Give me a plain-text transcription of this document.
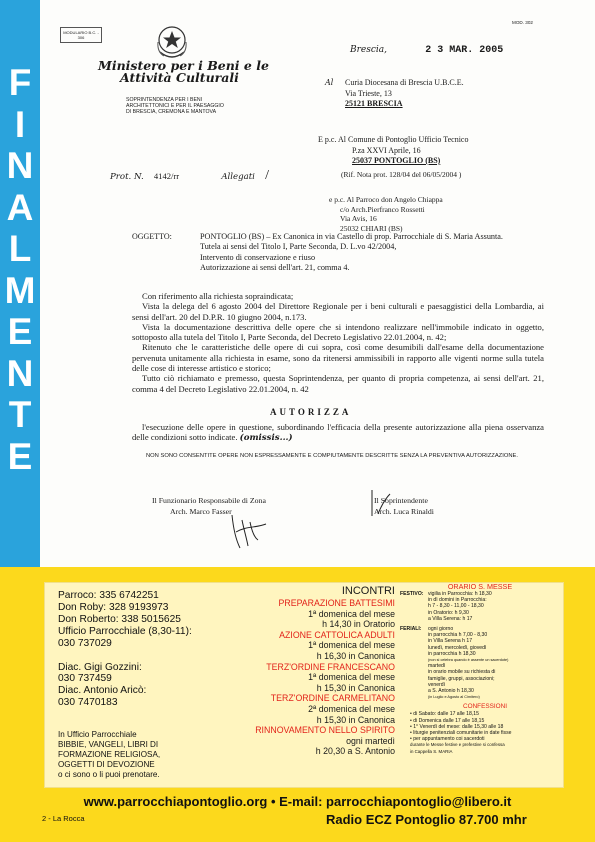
F
I
N
A
L
M
E
N
T
E
MODULARIO B.C. - 306
Ministero per i Beni e le
Attività Culturali
SOPRINTENDENZA PER I BENI
ARCHITETTONICI E PER IL PAESAGGIO
DI BRESCIA, CREMONA E MANTOVA
MOD. 302
Brescia,	2 3 MAR. 2005
Al Curia Diocesana di Brescia U.B.C.E.
Via Trieste, 13
25121 BRESCIA
E p.c. Al Comune di Pontoglio Ufficio Tecnico
P.za XXVI Aprile, 16
25037 PONTOGLIO (BS)
Prot. N. 4142/rr	Allegati /	(Rif. Nota prot. 128/04 del 06/05/2004 )
e p.c. Al Parroco don Angelo Chiappa
c/o Arch.Pierfranco Rossetti
Via Avis, 16
25032 CHIARI (BS)
OGGETTO:	PONTOGLIO (BS) – Ex Canonica in via Castello di prop. Parrocchiale di S. Maria Assunta.
Tutela ai sensi del Titolo I, Parte Seconda, D. L.vo 42/2004,
Intervento di conservazione e riuso
Autorizzazione ai sensi dell'art. 21, comma 4.

Con riferimento alla richiesta sopraindicata;

Vista la delega del 6 agosto 2004 del Direttore Regionale per i beni culturali e paesaggistici della Lombardia, ai sensi dell'art. 20 del D.P.R. 10 giugno 2004, n.173.

Vista la documentazione descrittiva delle opere che si intendono realizzare nell'immobile indicato in oggetto, sottoposto alla tutela del Titolo I, Parte Seconda, del Decreto Legislativo 22.01.2004, n. 42;

Ritenuto che le caratteristiche delle opere di cui sopra, così come desumibili dall'esame della documentazione pervenuta unitamente alla richiesta in esame, sono da ritenersi ammissibili in rapporto alle vigenti norme sulla tutela delle cose di interesse artistico e storico;

Tutto ciò richiamato e premesso, questa Soprintendenza, per quanto di propria competenza, ai sensi dell'art. 21, comma 4 del Decreto Legislativo 22.01.2004, n. 42

AUTORIZZA
l'esecuzione delle opere in questione, subordinando l'efficacia della presente autorizzazione alla piena osservanza delle condizioni sotto indicate. (omissis...)
NON SONO CONSENTITE OPERE NON ESPRESSAMENTE E COMPIUTAMENTE DESCRITTE SENZA LA PREVENTIVA AUTORIZZAZIONE.
Il Funzionario Responsabile di Zona
Arch. Marco Fasser
Il Soprintendente
Arch. Luca Rinaldi
Parroco: 335 6742251
Don Roby: 328 9193973
Don Roberto: 338 5015625
Ufficio Parrocchiale (8,30-11):
030 737029
Diac. Gigi Gozzini:
030 737459
Diac. Antonio Aricò:
030 7470183
In Ufficio Parrocchiale
BIBBIE, VANGELI, LIBRI DI
FORMAZIONE RELIGIOSA,
OGGETTI DI DEVOZIONE
o ci sono o li puoi prenotare.
INCONTRI
PREPARAZIONE BATTESIMI
1ª domenica del mese
h 14,30 in Oratorio
AZIONE CATTOLICA ADULTI
1ª domenica del mese
h 16,30 in Canonica
TERZ'ORDINE FRANCESCANO
1ª domenica del mese
h 15,30 in Canonica
TERZ'ORDINE CARMELITANO
2ª domenica del mese
h 15,30 in Canonica
RINNOVAMENTO NELLO SPIRITO
ogni martedì
h 20,30 a S. Antonio
ORARIO S. MESSE
FESTIVO: vigilia in Parrocchia: h 18,30
in dì domini in Parrocchia:
h 7 - 8,30 - 11,00 - 18,30
in Oratorio: h 9,30
a Villa Serena: h 17
FERIALI:	ogni giorno
in parrocchia h 7,00 - 8,30
in Villa Serena h 17
lunedì, mercoledì, giovedì
in parrocchia h 18,30
(non si celebra quando è assente un sacerdote)
martedì
in orario mobile su richiesta di
famiglie, gruppi, associazioni;
venerdì
a S. Antonio h 18,30
(in Luglio e Agosto al Cimitero)
CONFESSIONI
• di Sabato: dalle 17 alle 18,15
• di Domenica dalle 17 alle 18,15
• 1° Venerdì del mese: dalle 15,30 alle 18
• liturgie penitenziali comunitarie in date fisse
• per appuntamento coi sacerdoti
durante le Messe festive e prefestive si confessa
in Cappella S. MARIA
www.parrocchiapontoglio.org • E-mail: parrocchiapontoglio@libero.it
Radio ECZ Pontoglio 87.700 mhr
2 - La Rocca
